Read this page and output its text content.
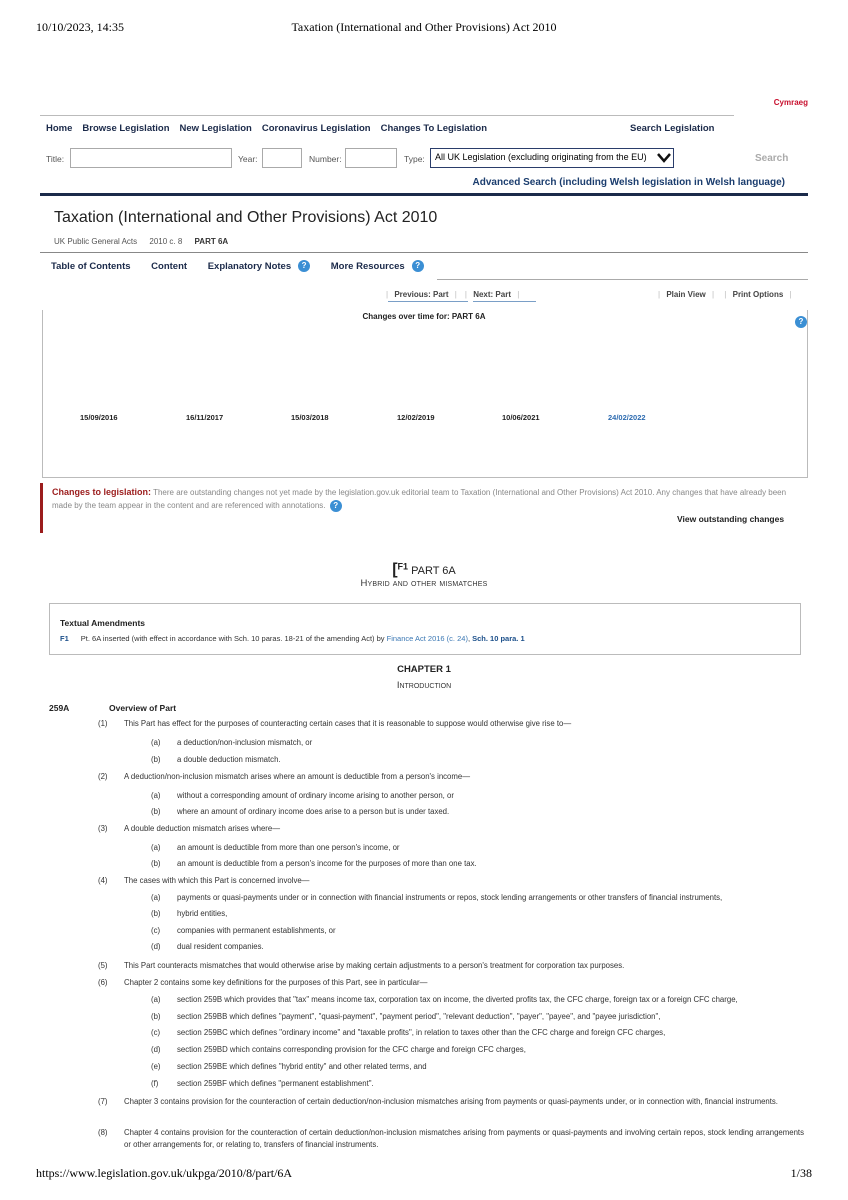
10/10/2023, 14:35	Taxation (International and Other Provisions) Act 2010
Cymraeg
Home Browse Legislation New Legislation Coronavirus Legislation Changes To Legislation	Search Legislation
Title:	Year:	Number:	Type:	All UK Legislation (excluding originating from the EU)	Search
Advanced Search (including Welsh legislation in Welsh language)
Taxation (International and Other Provisions) Act 2010
UK Public General Acts 2010 c. 8 PART 6A
Table of Contents Content Explanatory Notes	?
	More Resources	?
| Previous: Part | | Next: Part |	| Plain View | | Print Options |
Changes over time for: PART 6A
?
15/09/2016	16/11/2017	15/03/2018	12/02/2019	10/06/2021	24/02/2022
Changes to legislation: There are outstanding changes not yet made by the legislation.gov.uk editorial team to Taxation (International and Other Provisions) Act 2010. Any changes that have already been made by the team appear in the content and are referenced with annotations. ?
View outstanding changes
[$^{F1}$ PART 6A
Hybrid and other mismatches
Textual Amendments
F1 Pt. 6A inserted (with effect in accordance with Sch. 10 paras. 18-21 of the amending Act) by Finance Act 2016 (c. 24), Sch. 10 para. 1
CHAPTER 1
Introduction
259A	Overview of Part
(1) This Part has effect for the purposes of counteracting certain cases that it is reasonable to suppose would otherwise give rise to—
(a) a deduction/non-inclusion mismatch, or
(b) a double deduction mismatch.
(2) A deduction/non-inclusion mismatch arises where an amount is deductible from a person's income—
(a) without a corresponding amount of ordinary income arising to another person, or
(b) where an amount of ordinary income does arise to a person but is under taxed.
(3) A double deduction mismatch arises where—
(a) an amount is deductible from more than one person's income, or
(b) an amount is deductible from a person's income for the purposes of more than one tax.
(4) The cases with which this Part is concerned involve—
(a) payments or quasi-payments under or in connection with financial instruments or repos, stock lending arrangements or other transfers of financial instruments,
(b) hybrid entities,
(c) companies with permanent establishments, or
(d) dual resident companies.
(5) This Part counteracts mismatches that would otherwise arise by making certain adjustments to a person's treatment for corporation tax purposes.
(6) Chapter 2 contains some key definitions for the purposes of this Part, see in particular—
(a) section 259B which provides that "tax" means income tax, corporation tax on income, the diverted profits tax, the CFC charge, foreign tax or a foreign CFC charge,
(b) section 259BB which defines "payment", "quasi-payment", "payment period", "relevant deduction", "payer", "payee", and "payee jurisdiction",
(c) section 259BC which defines "ordinary income" and "taxable profits", in relation to taxes other than the CFC charge and foreign CFC charges,
(d) section 259BD which contains corresponding provision for the CFC charge and foreign CFC charges,
(e) section 259BE which defines "hybrid entity" and other related terms, and
(f) section 259BF which defines "permanent establishment".
(7) Chapter 3 contains provision for the counteraction of certain deduction/non-inclusion mismatches arising from payments or quasi-payments under, or in connection with, financial instruments.
(8) Chapter 4 contains provision for the counteraction of certain deduction/non-inclusion mismatches arising from payments or quasi-payments and involving certain repos, stock lending arrangements or other arrangements for, or relating to, transfers of financial instruments.
https://www.legislation.gov.uk/ukpga/2010/8/part/6A	1/38
